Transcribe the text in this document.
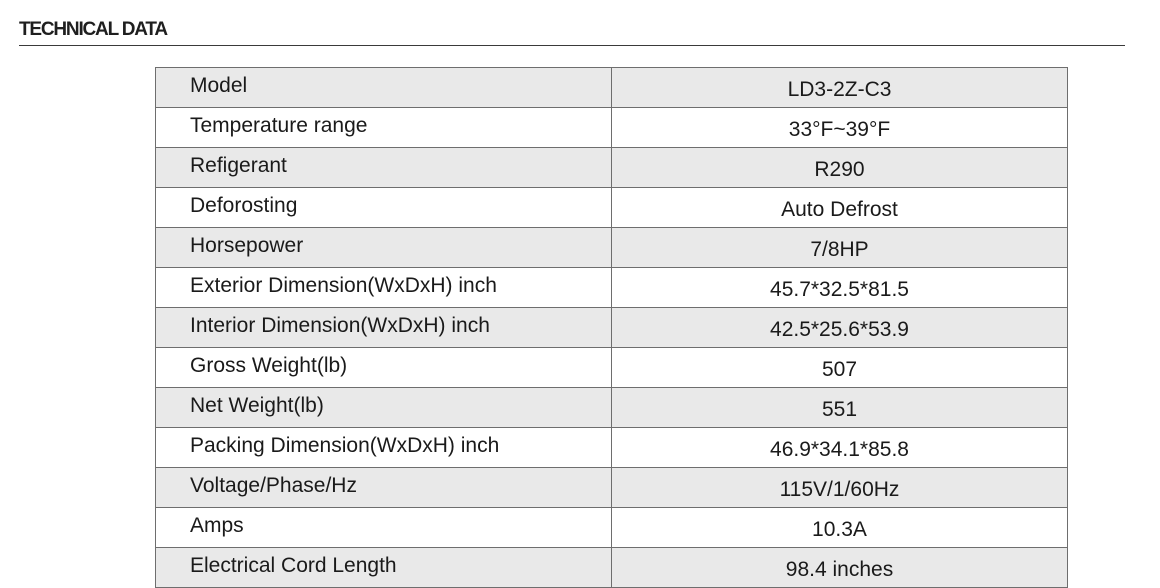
TECHNICAL DATA
Model	LD3-2Z-C3
Temperature range	33°F~39°F
Refigerant	R290
Deforosting	Auto Defrost
Horsepower	7/8HP
Exterior Dimension(WxDxH) inch	45.7*32.5*81.5
Interior Dimension(WxDxH) inch	42.5*25.6*53.9
Gross Weight(lb)	507
Net Weight(lb)	551
Packing Dimension(WxDxH) inch	46.9*34.1*85.8
Voltage/Phase/Hz	115V/1/60Hz
Amps	10.3A
Electrical Cord Length	98.4 inches
